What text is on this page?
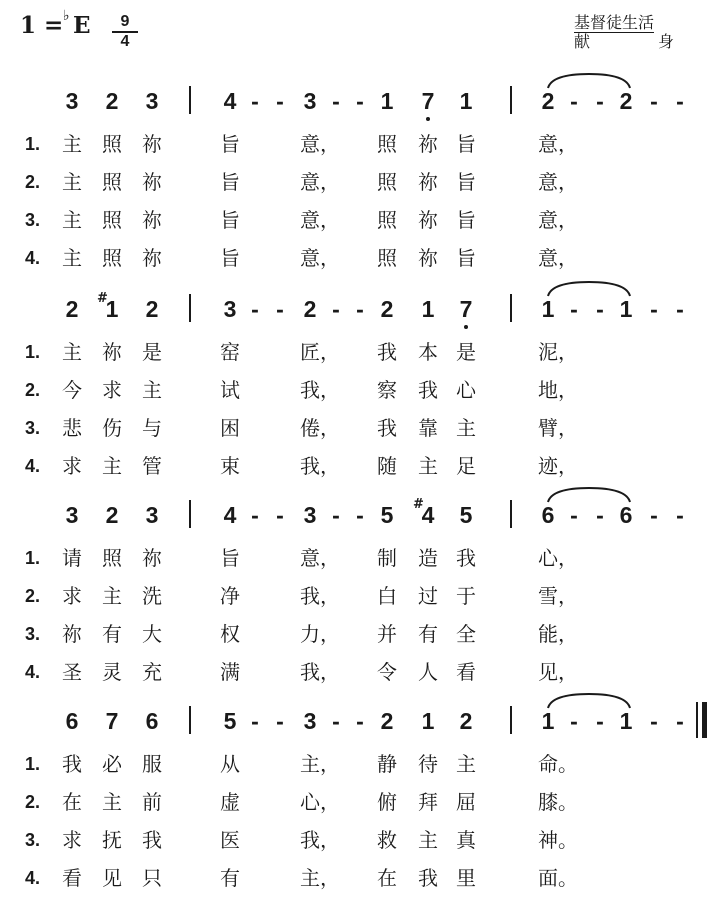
1 = ♭ E $\frac{9}{4}$	基督徒生活
献	身
3 2 3	4 - - 3 - - 1 7 1	2 - - 2 - -
1. 主 照 祢	旨	意， 照 祢 旨	意，
2. 主 照 祢	旨	意， 照 祢 旨	意，
3. 主 照 祢	旨	意， 照 祢 旨	意，
4. 主 照 祢	旨	意， 照 祢 旨	意，
2 1 2	3 - - 2 - - 2 1 7	1 - - 1 - -
#
1. 主 祢 是	窑	匠， 我 本 是	泥，
2. 今 求 主	试	我， 察 我 心	地，
3. 悲 伤 与	困	倦， 我 靠 主	臂，
4. 求 主 管	束	我， 随 主 足	迹，
3 2 3	4 - - 3 - - 5 4 5	6 - - 6 - -
#
1. 请 照 祢	旨	意， 制 造 我	心，
2. 求 主 洗	净	我， 白 过 于	雪，
3. 祢 有 大	权	力， 并 有 全	能，
4. 圣 灵 充	满	我， 令 人 看	见，
6 7 6	5 - - 3 - - 2 1 2	1 - - 1 - -
1. 我 必 服	从	主， 静 待 主	命。
2. 在 主 前	虚	心， 俯 拜 屈	膝。
3. 求 抚 我	医	我， 救 主 真	神。
4. 看 见 只	有	主， 在 我 里	面。
